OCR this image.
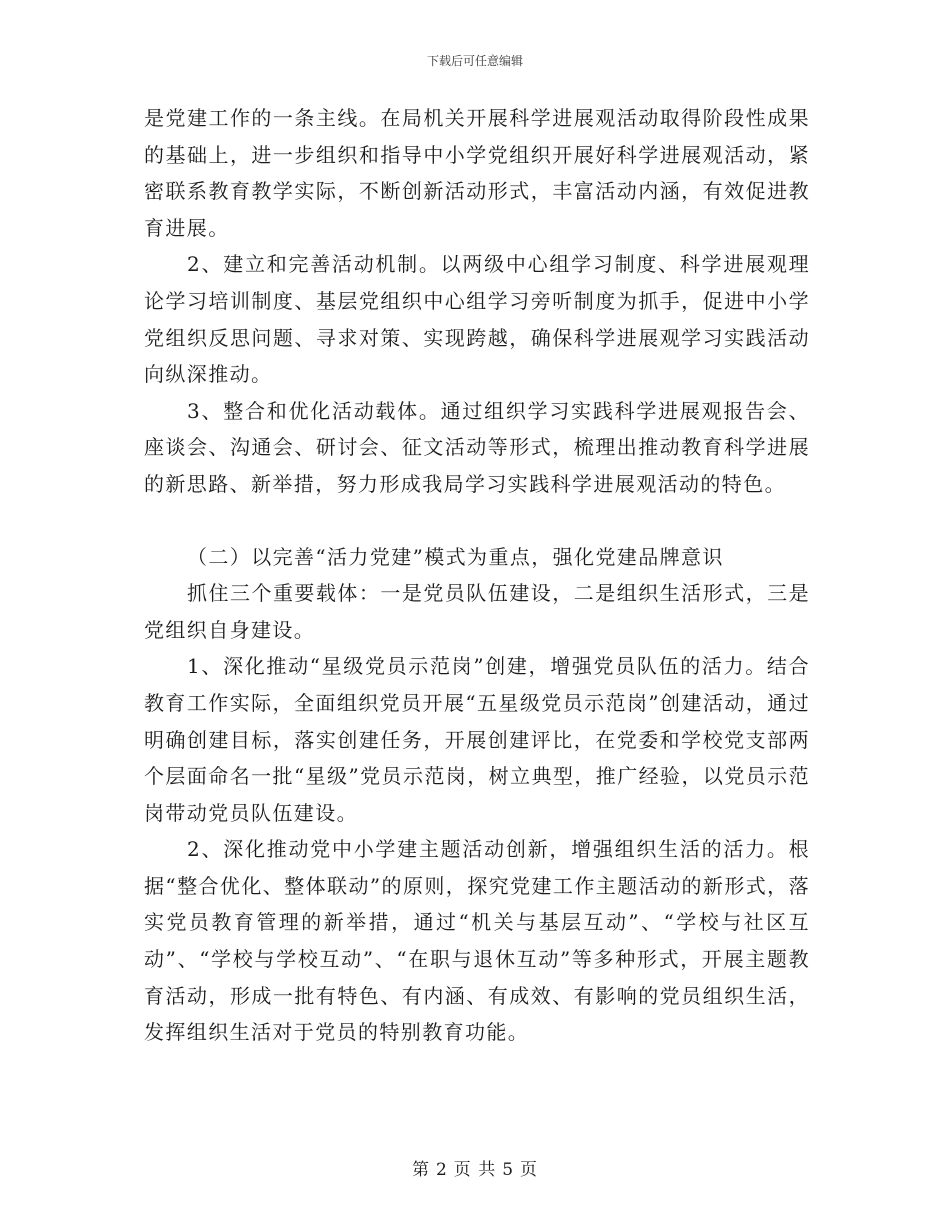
下载后可任意编辑

是党建工作的一条主线。在局机关开展科学进展观活动取得阶段性成果的基础上，进一步组织和指导中小学党组织开展好科学进展观活动，紧密联系教育教学实际，不断创新活动形式，丰富活动内涵，有效促进教育进展。

2、建立和完善活动机制。以两级中心组学习制度、科学进展观理论学习培训制度、基层党组织中心组学习旁听制度为抓手，促进中小学党组织反思问题、寻求对策、实现跨越，确保科学进展观学习实践活动向纵深推动。

3、整合和优化活动载体。通过组织学习实践科学进展观报告会、座谈会、沟通会、研讨会、征文活动等形式，梳理出推动教育科学进展的新思路、新举措，努力形成我局学习实践科学进展观活动的特色。

（二）以完善“活力党建”模式为重点，强化党建品牌意识

抓住三个重要载体：一是党员队伍建设，二是组织生活形式，三是党组织自身建设。

1、深化推动“星级党员示范岗”创建，增强党员队伍的活力。结合教育工作实际，全面组织党员开展“五星级党员示范岗”创建活动，通过明确创建目标，落实创建任务，开展创建评比，在党委和学校党支部两个层面命名一批“星级”党员示范岗，树立典型，推广经验，以党员示范岗带动党员队伍建设。

2、深化推动党中小学建主题活动创新，增强组织生活的活力。根据“整合优化、整体联动”的原则，探究党建工作主题活动的新形式，落实党员教育管理的新举措，通过“机关与基层互动”、“学校与社区互动”、“学校与学校互动”、“在职与退休互动”等多种形式，开展主题教育活动，形成一批有特色、有内涵、有成效、有影响的党员组织生活，发挥组织生活对于党员的特别教育功能。

第 2 页 共 5 页
